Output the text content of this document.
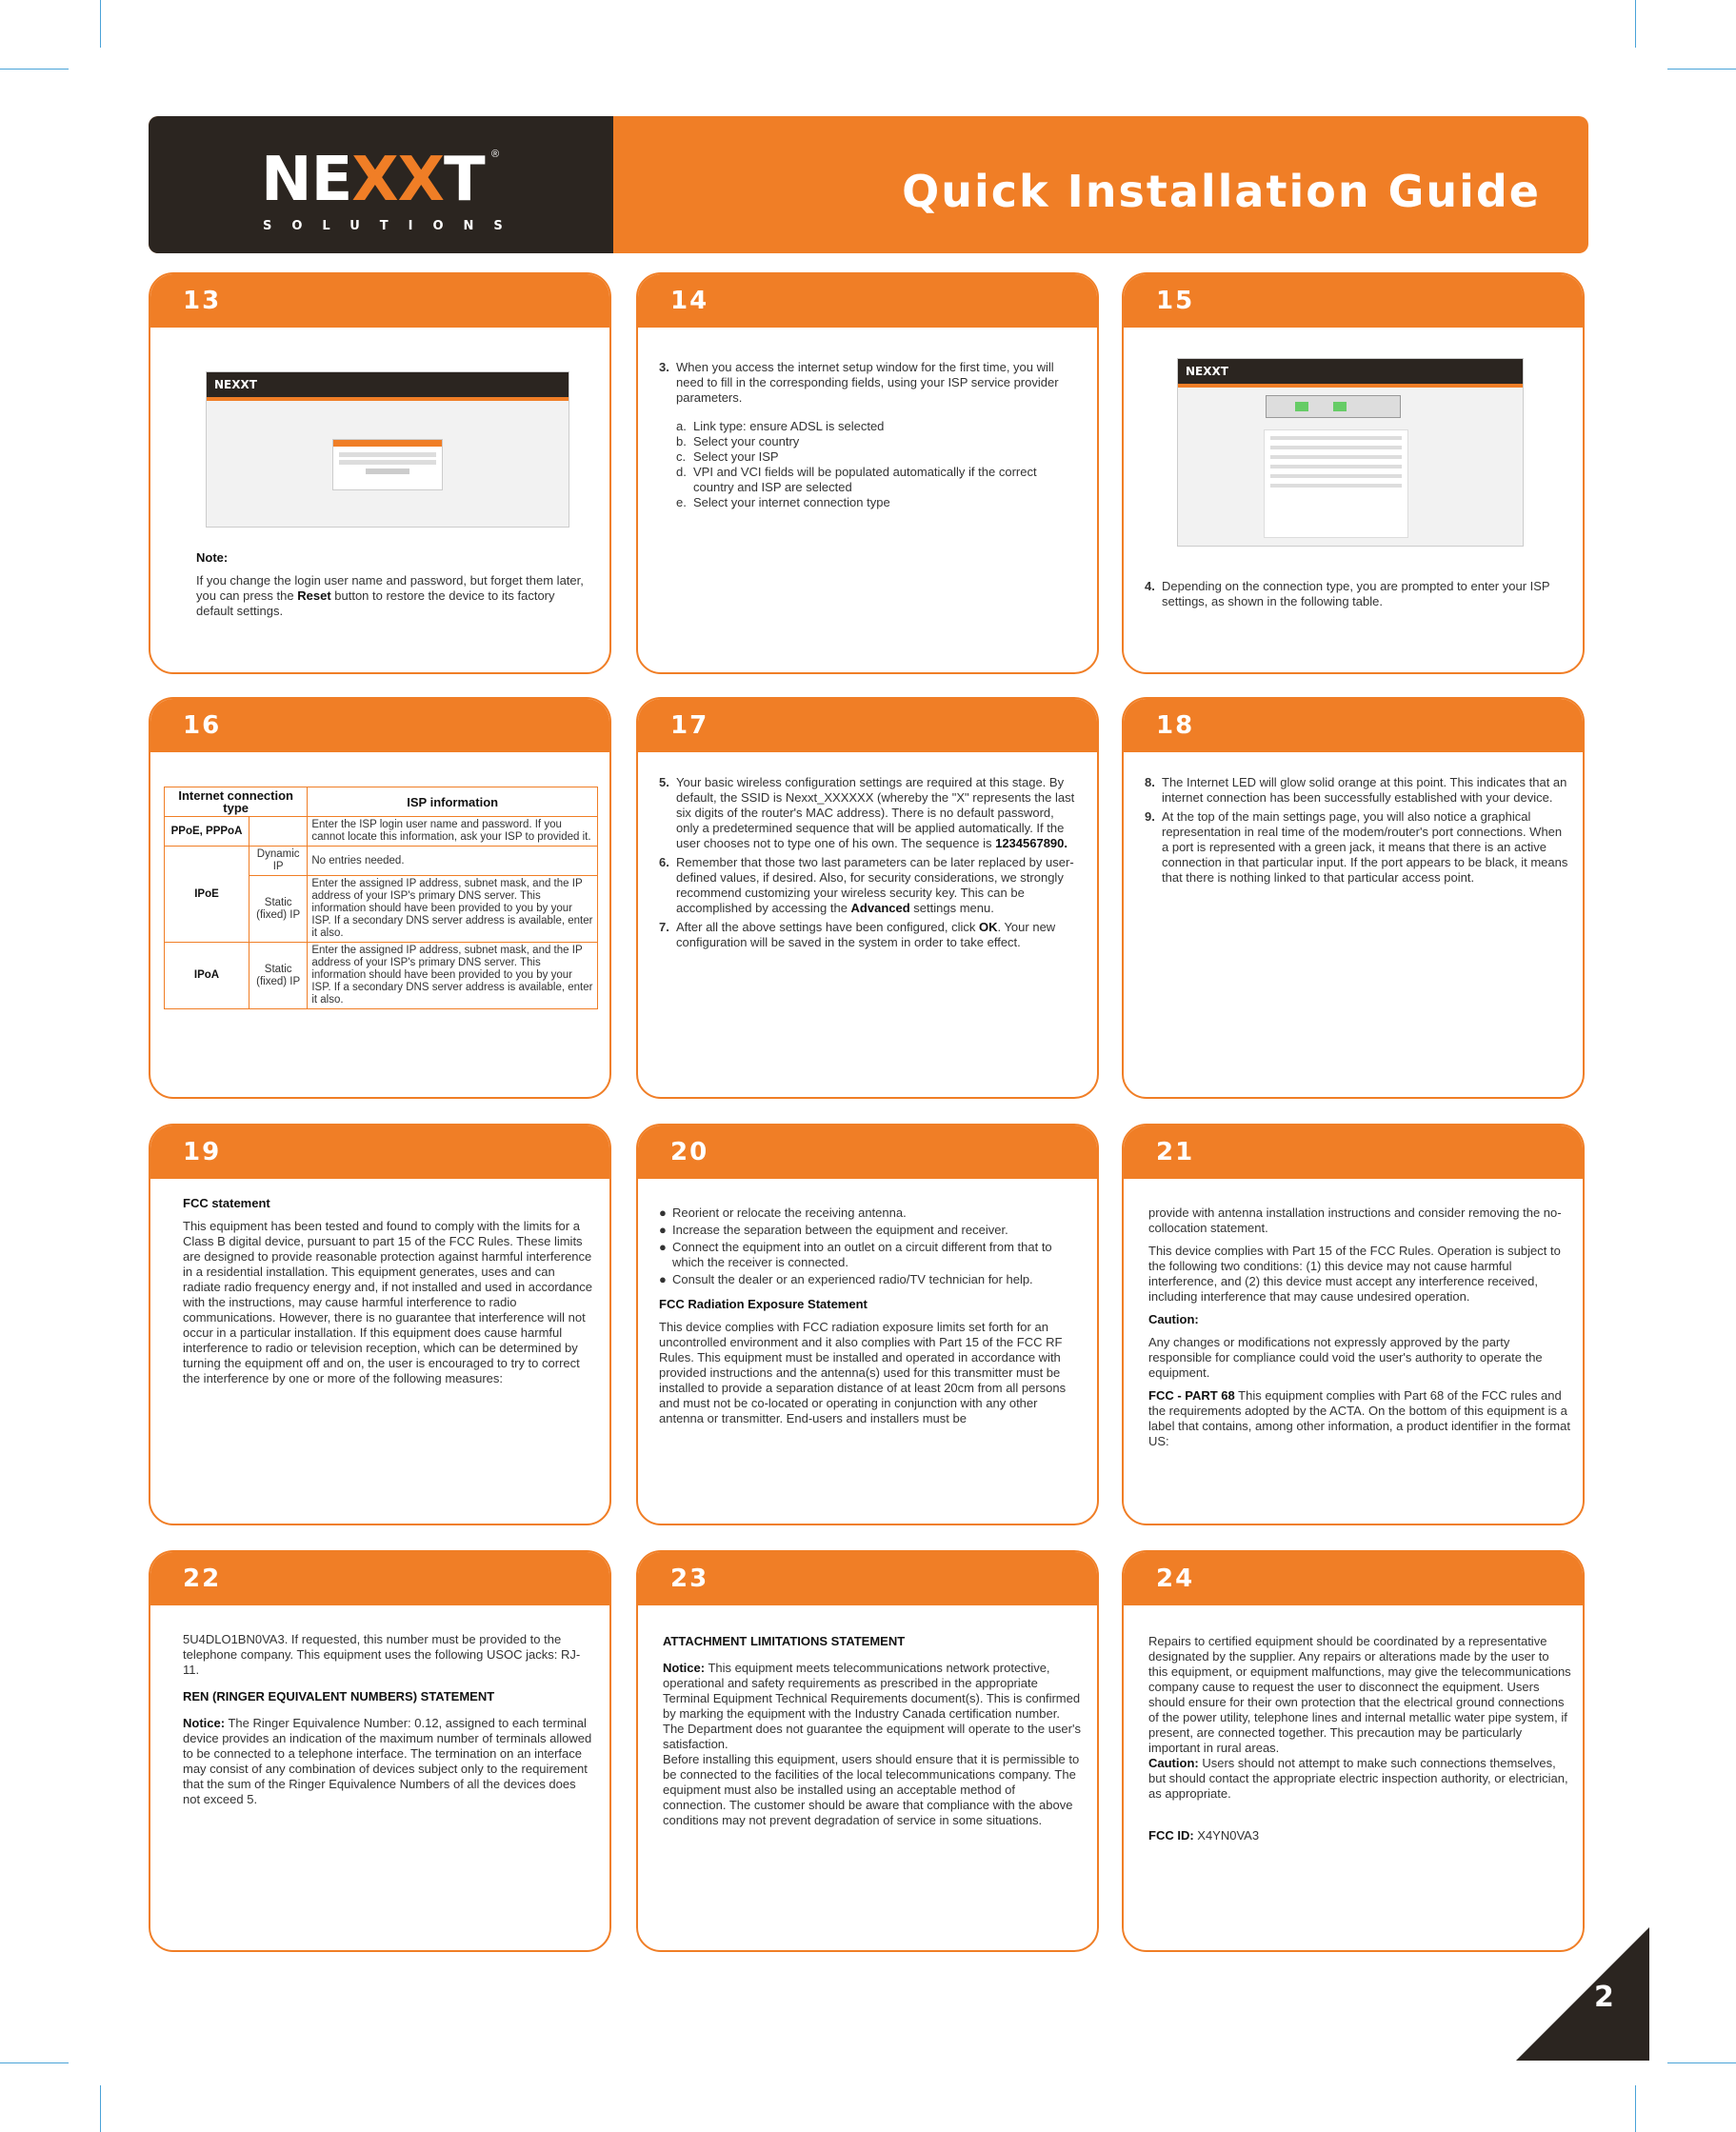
NEXXT ®
SOLUTIONS
Quick Installation Guide
13
NEXXT

Note:

If you change the login user name and password, but forget them later, you can press the Reset button to restore the device to its factory default settings.

14
3. When you access the internet setup window for the first time, you will need to fill in the corresponding fields, using your ISP service provider parameters.
a. Link type: ensure ADSL is selected
b. Select your country
c. Select your ISP
d. VPI and VCI fields will be populated automatically if the correct country and ISP are selected
e. Select your internet connection type
15
NEXXT
4. Depending on the connection type, you are prompted to enter your ISP settings, as shown in the following table.
16
Internet connection type		ISP information
PPoE, PPPoA		Enter the ISP login user name and password. If you cannot locate this information, ask your ISP to provided it.
IPoE	Dynamic IP	No entries needed.
	Static (fixed) IP	Enter the assigned IP address, subnet mask, and the IP address of your ISP's primary DNS server. This information should have been provided to you by your ISP. If a secondary DNS server address is available, enter it also.
IPoA	Static (fixed) IP	Enter the assigned IP address, subnet mask, and the IP address of your ISP's primary DNS server. This information should have been provided to you by your ISP. If a secondary DNS server address is available, enter it also.
17
5. Your basic wireless configuration settings are required at this stage. By default, the SSID is Nexxt_XXXXXX (whereby the "X" represents the last six digits of the router's MAC address). There is no default password, only a predetermined sequence that will be applied automatically. If the user chooses not to type one of his own. The sequence is 1234567890.
6. Remember that those two last parameters can be later replaced by user-defined values, if desired. Also, for security considerations, we strongly recommend customizing your wireless security key. This can be accomplished by accessing the Advanced settings menu.
7. After all the above settings have been configured, click OK. Your new configuration will be saved in the system in order to take effect.
18
8. The Internet LED will glow solid orange at this point. This indicates that an internet connection has been successfully established with your device.
9. At the top of the main settings page, you will also notice a graphical representation in real time of the modem/router's port connections. When a port is represented with a green jack, it means that there is an active connection in that particular input. If the port appears to be black, it means that there is nothing linked to that particular access point.
19

FCC statement

This equipment has been tested and found to comply with the limits for a Class B digital device, pursuant to part 15 of the FCC Rules. These limits are designed to provide reasonable protection against harmful interference in a residential installation. This equipment generates, uses and can radiate radio frequency energy and, if not installed and used in accordance with the instructions, may cause harmful interference to radio communications. However, there is no guarantee that interference will not occur in a particular installation. If this equipment does cause harmful interference to radio or television reception, which can be determined by turning the equipment off and on, the user is encouraged to try to correct the interference by one or more of the following measures:

20
● Reorient or relocate the receiving antenna.
● Increase the separation between the equipment and receiver.
● Connect the equipment into an outlet on a circuit different from that to which the receiver is connected.
● Consult the dealer or an experienced radio/TV technician for help.

FCC Radiation Exposure Statement

This device complies with FCC radiation exposure limits set forth for an uncontrolled environment and it also complies with Part 15 of the FCC RF Rules. This equipment must be installed and operated in accordance with provided instructions and the antenna(s) used for this transmitter must be installed to provide a separation distance of at least 20cm from all persons and must not be co-located or operating in conjunction with any other antenna or transmitter. End-users and installers must be

21

provide with antenna installation instructions and consider removing the no-collocation statement.

This device complies with Part 15 of the FCC Rules. Operation is subject to the following two conditions: (1) this device may not cause harmful interference, and (2) this device must accept any interference received, including interference that may cause undesired operation.

Caution:

Any changes or modifications not expressly approved by the party responsible for compliance could void the user's authority to operate the equipment.

FCC - PART 68 This equipment complies with Part 68 of the FCC rules and the requirements adopted by the ACTA. On the bottom of this equipment is a label that contains, among other information, a product identifier in the format US:

22

5U4DLO1BN0VA3. If requested, this number must be provided to the telephone company. This equipment uses the following USOC jacks: RJ-11.

REN (RINGER EQUIVALENT NUMBERS) STATEMENT

Notice: The Ringer Equivalence Number: 0.12, assigned to each terminal device provides an indication of the maximum number of terminals allowed to be connected to a telephone interface. The termination on an interface may consist of any combination of devices subject only to the requirement that the sum of the Ringer Equivalence Numbers of all the devices does not exceed 5.

23

ATTACHMENT LIMITATIONS STATEMENT

Notice: This equipment meets telecommunications network protective, operational and safety requirements as prescribed in the appropriate Terminal Equipment Technical Requirements document(s). This is confirmed by marking the equipment with the Industry Canada certification number. The Department does not guarantee the equipment will operate to the user's satisfaction.

Before installing this equipment, users should ensure that it is permissible to be connected to the facilities of the local telecommunications company. The equipment must also be installed using an acceptable method of connection. The customer should be aware that compliance with the above conditions may not prevent degradation of service in some situations.

24

Repairs to certified equipment should be coordinated by a representative designated by the supplier. Any repairs or alterations made by the user to this equipment, or equipment malfunctions, may give the telecommunications company cause to request the user to disconnect the equipment. Users should ensure for their own protection that the electrical ground connections of the power utility, telephone lines and internal metallic water pipe system, if present, are connected together. This precaution may be particularly important in rural areas.

Caution: Users should not attempt to make such connections themselves, but should contact the appropriate electric inspection authority, or electrician, as appropriate.

FCC ID: X4YN0VA3

2
